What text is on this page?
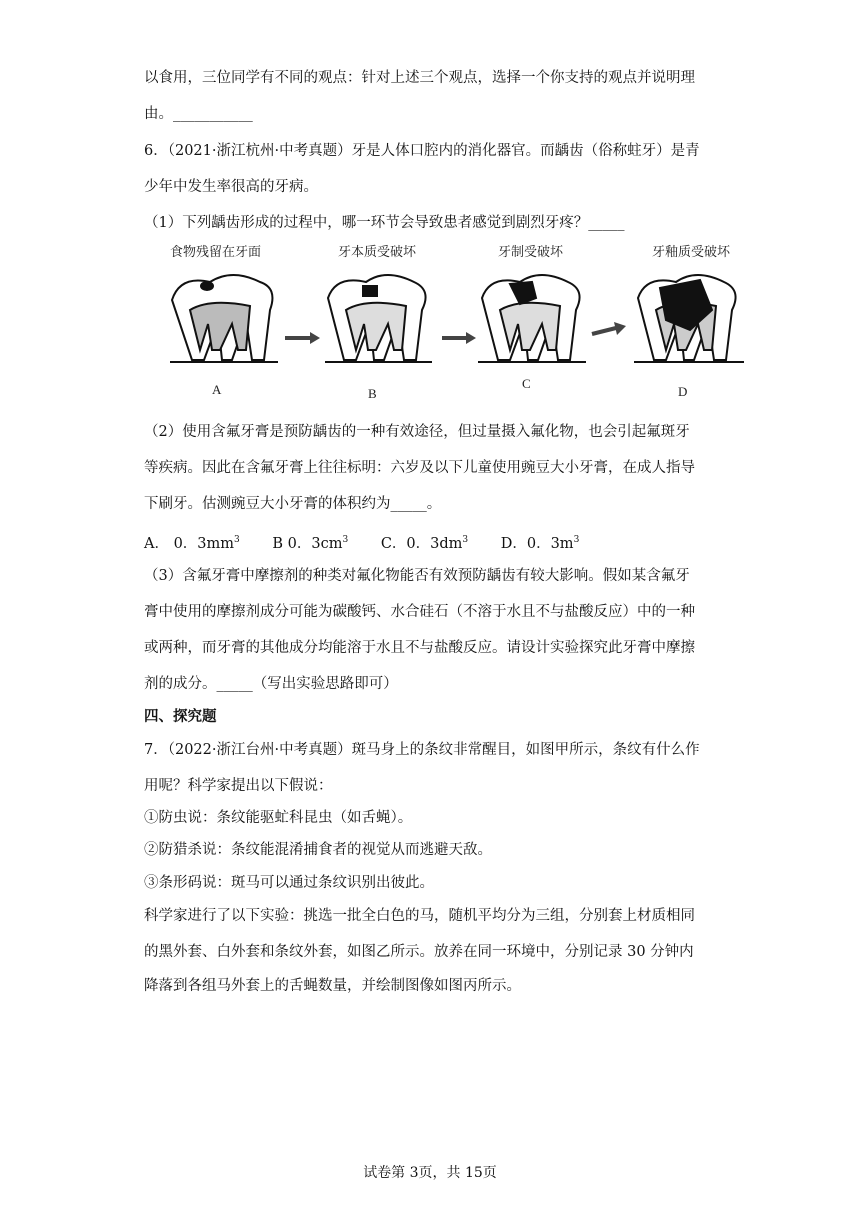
以食用，三位同学有不同的观点：针对上述三个观点，选择一个你支持的观点并说明理
由。___________
6．（2021·浙江杭州·中考真题）牙是人体口腔内的消化器官。而龋齿（俗称蛀牙）是青
少年中发生率很高的牙病。
（1）下列龋齿形成的过程中，哪一环节会导致患者感觉到剧烈牙疼？_____
食物残留在牙面	牙本质受破坏	牙制受破坏	牙釉质受破坏
A	B
C
D
（2）使用含氟牙膏是预防龋齿的一种有效途径，但过量摄入氟化物，也会引起氟斑牙
等疾病。因此在含氟牙膏上往往标明：六岁及以下儿童使用豌豆大小牙膏，在成人指导
下刷牙。估测豌豆大小牙膏的体积约为_____。
A． 0．$3mm^3$ B 0．$3cm^3$ C．0．$3dm^3$ D．0．$3m^3$
（3）含氟牙膏中摩擦剂的种类对氟化物能否有效预防龋齿有较大影响。假如某含氟牙
膏中使用的摩擦剂成分可能为碳酸钙、水合硅石（不溶于水且不与盐酸反应）中的一种
或两种，而牙膏的其他成分均能溶于水且不与盐酸反应。请设计实验探究此牙膏中摩擦
剂的成分。_____（写出实验思路即可）
四、探究题
7．（2022·浙江台州·中考真题）斑马身上的条纹非常醒目，如图甲所示，条纹有什么作
用呢？科学家提出以下假说：
①防虫说：条纹能驱虻科昆虫（如舌蝇）。
②防猎杀说：条纹能混淆捕食者的视觉从而逃避天敌。
③条形码说：斑马可以通过条纹识别出彼此。
科学家进行了以下实验：挑选一批全白色的马，随机平均分为三组，分别套上材质相同
的黑外套、白外套和条纹外套，如图乙所示。放养在同一环境中，分别记录 30 分钟内
降落到各组马外套上的舌蝇数量，并绘制图像如图丙所示。
试卷第 3页，共 15页
